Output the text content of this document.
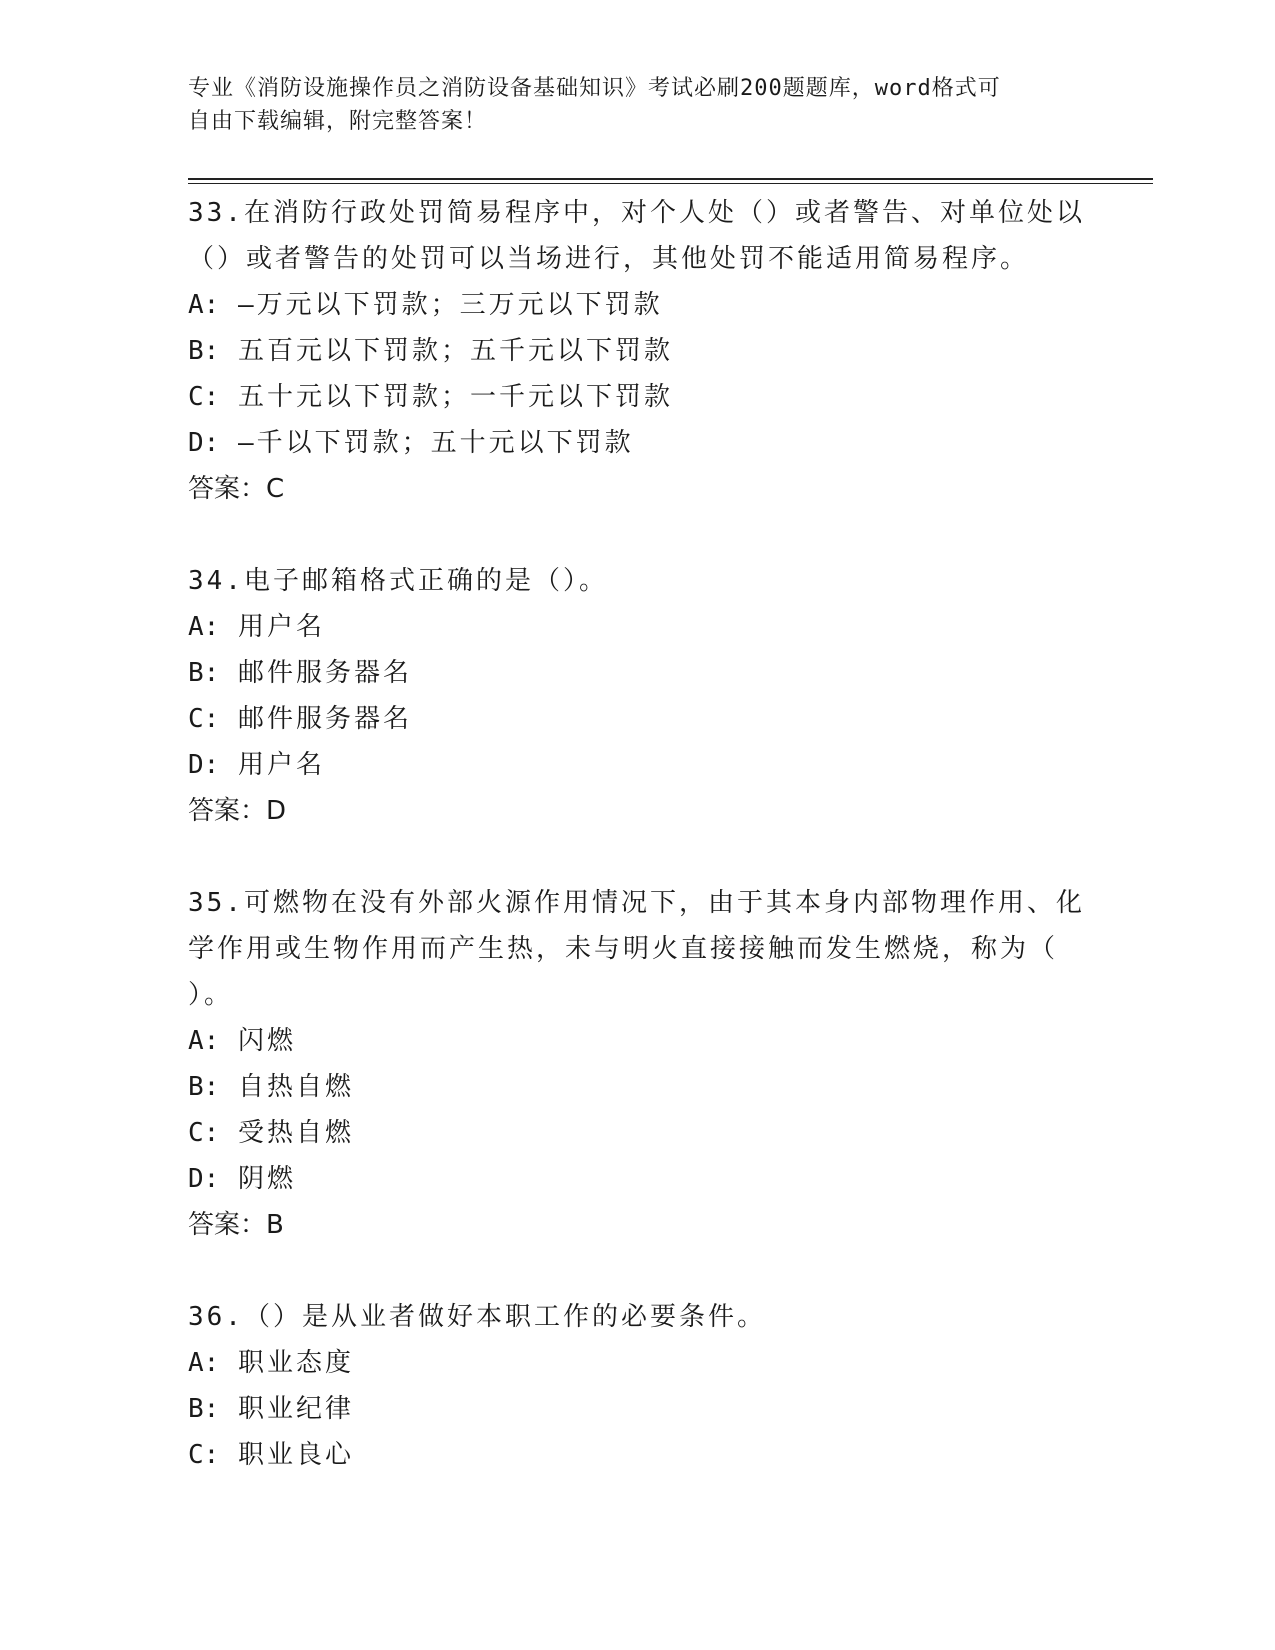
专业《消防设施操作员之消防设备基础知识》考试必刷200题题库，word格式可
自由下载编辑，附完整答案！
33.在消防行政处罚简易程序中，对个人处（）或者警告、对单位处以
（）或者警告的处罚可以当场进行，其他处罚不能适用简易程序。
A: —万元以下罚款；三万元以下罚款
B: 五百元以下罚款；五千元以下罚款
C: 五十元以下罚款；一千元以下罚款
D: —千以下罚款；五十元以下罚款
答案：C
34.电子邮箱格式正确的是（）。
A: 用户名
B: 邮件服务器名
C: 邮件服务器名
D: 用户名
答案：D
35.可燃物在没有外部火源作用情况下，由于其本身内部物理作用、化
学作用或生物作用而产生热，未与明火直接接触而发生燃烧，称为（
）。
A: 闪燃
B: 自热自燃
C: 受热自燃
D: 阴燃
答案：B
36.（）是从业者做好本职工作的必要条件。
A: 职业态度
B: 职业纪律
C: 职业良心
